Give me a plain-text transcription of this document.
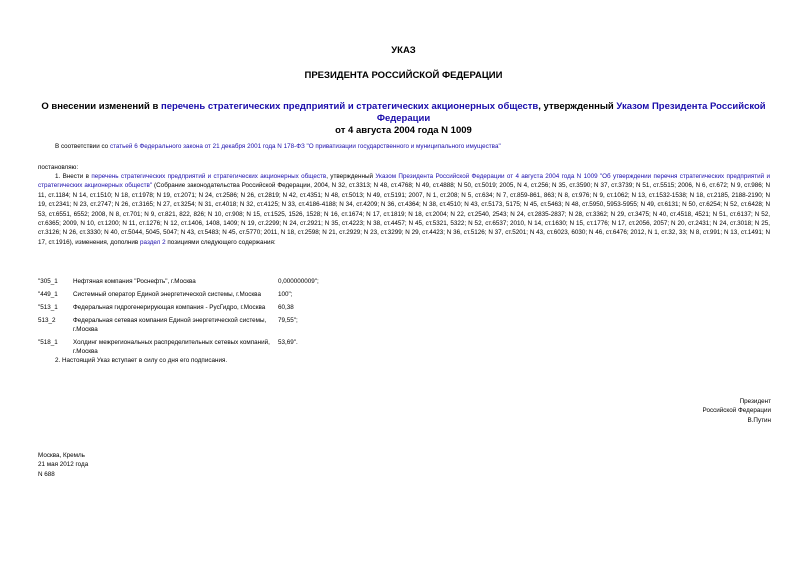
УКАЗ
ПРЕЗИДЕНТА РОССИЙСКОЙ ФЕДЕРАЦИИ
О внесении изменений в перечень стратегических предприятий и стратегических акционерных обществ, утвержденный Указом Президента Российской Федерации
от 4 августа 2004 года N 1009
В соответствии со статьей 6 Федерального закона от 21 декабря 2001 года N 178-ФЗ "О приватизации государственного и муниципального имущества"
постановляю:
1. Внести в перечень стратегических предприятий и стратегических акционерных обществ, утвержденный Указом Президента Российской Федерации от 4 августа 2004 года N 1009 "Об утверждении перечня стратегических предприятий и стратегических акционерных обществ" (Собрание законодательства Российской Федерации, 2004, N 32, ст.3313; N 48, ст.4768; N 49, ст.4888; N 50, ст.5019; 2005, N 4, ст.256; N 35, ст.3590; N 37, ст.3739; N 51, ст.5515; 2006, N 6, ст.672; N 9, ст.986; N 11, ст.1184; N 14, ст.1510; N 18, ст.1978; N 19, ст.2071; N 24, ст.2586; N 26, ст.2819; N 42, ст.4351; N 48, ст.5013; N 49, ст.5191; 2007, N 1, ст.208; N 5, ст.634; N 7, ст.859-861, 863; N 8, ст.976; N 9, ст.1062; N 13, ст.1532-1538; N 18, ст.2185, 2188-2190; N 19, ст.2341; N 23, ст.2747; N 26, ст.3165; N 27, ст.3254; N 31, ст.4018; N 32, ст.4125; N 33, ст.4186-4188; N 34, ст.4209; N 36, ст.4364; N 38, ст.4510; N 43, ст.5173, 5175; N 45, ст.5463; N 48, ст.5950, 5953-5955; N 49, ст.6131; N 50, ст.6254; N 52, ст.6428; N 53, ст.6551, 6552; 2008, N 8, ст.701; N 9, ст.821, 822, 826; N 10, ст.908; N 15, ст.1525, 1526, 1528; N 16, ст.1674; N 17, ст.1819; N 18, ст.2004; N 22, ст.2540, 2543; N 24, ст.2835-2837; N 28, ст.3362; N 29, ст.3475; N 40, ст.4518, 4521; N 51, ст.6137; N 52, ст.6365; 2009, N 10, ст.1200; N 11, ст.1276; N 12, ст.1406, 1408, 1409; N 19, ст.2299; N 24, ст.2921; N 35, ст.4223; N 38, ст.4457; N 45, ст.5321, 5322; N 52, ст.6537; 2010, N 14, ст.1630; N 15, ст.1776; N 17, ст.2056, 2057; N 20, ст.2431; N 24, ст.3018; N 25, ст.3126; N 26, ст.3330; N 40, ст.5044, 5045, 5047; N 43, ст.5483; N 45, ст.5770; 2011, N 18, ст.2598; N 21, ст.2929; N 23, ст.3299; N 29, ст.4423; N 36, ст.5126; N 37, ст.5201; N 43, ст.6023, 6030; N 46, ст.6476; 2012, N 1, ст.32, 33; N 8, ст.991; N 13, ст.1491; N 17, ст.1916), изменения, дополнив раздел 2 позициями следующего содержания:
"305_1	Нефтяная компания "Роснефть", г.Москва	0,000000009";
"449_1	Системный оператор Единой энергетической системы, г.Москва	100";
"513_1	Федеральная гидрогенерирующая компания - РусГидро, г.Москва	60,38
513_2	Федеральная сетевая компания Единой энергетической системы, г.Москва	79,55";
"518_1	Холдинг межрегиональных распределительных сетевых компаний, г.Москва	53,69".
2. Настоящий Указ вступает в силу со дня его подписания.
Президент
Российской Федерации
В.Путин
Москва, Кремль
21 мая 2012 года
N 688
